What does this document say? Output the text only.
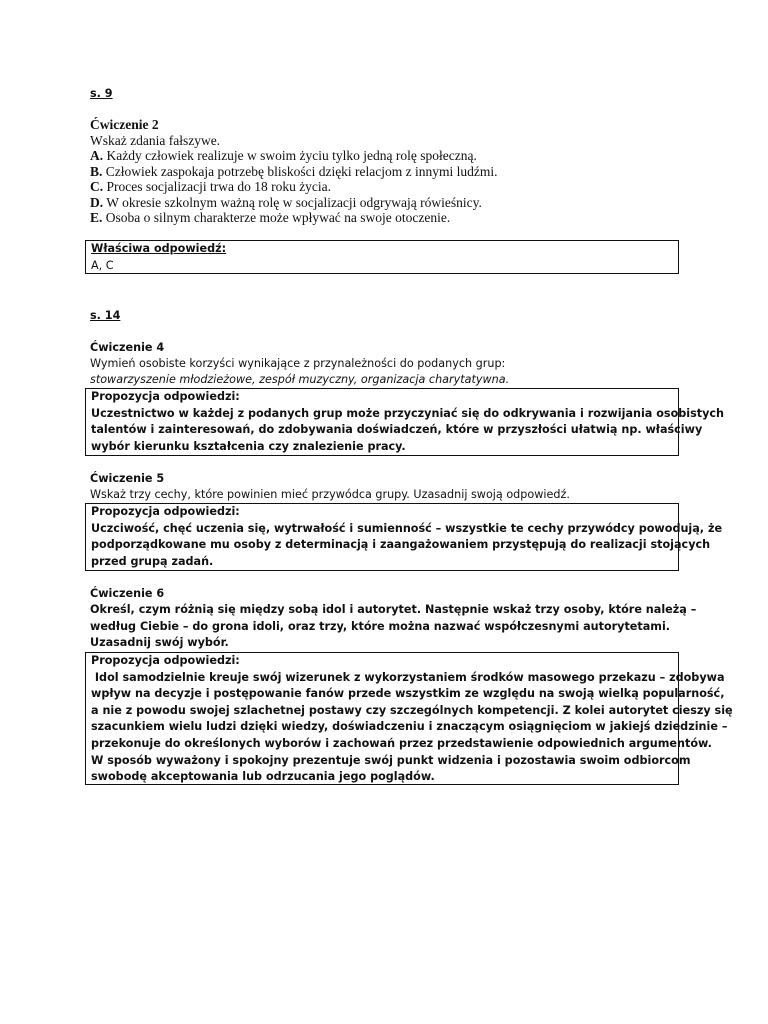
s. 9
Ćwiczenie 2
Wskaż zdania fałszywe.
A. Każdy człowiek realizuje w swoim życiu tylko jedną rolę społeczną.
B. Człowiek zaspokaja potrzebę bliskości dzięki relacjom z innymi ludźmi.
C. Proces socjalizacji trwa do 18 roku życia.
D. W okresie szkolnym ważną rolę w socjalizacji odgrywają rówieśnicy.
E. Osoba o silnym charakterze może wpływać na swoje otoczenie.
Właściwa odpowiedź:
A, C
s. 14
Ćwiczenie 4
Wymień osobiste korzyści wynikające z przynależności do podanych grup:
stowarzyszenie młodzieżowe, zespół muzyczny, organizacja charytatywna.
Propozycja odpowiedzi:
Uczestnictwo w każdej z podanych grup może przyczyniać się do odkrywania i rozwijania osobistych
talentów i zainteresowań, do zdobywania doświadczeń, które w przyszłości ułatwią np. właściwy
wybór kierunku kształcenia czy znalezienie pracy.
Ćwiczenie 5
Wskaż trzy cechy, które powinien mieć przywódca grupy. Uzasadnij swoją odpowiedź.
Propozycja odpowiedzi:
Uczciwość, chęć uczenia się, wytrwałość i sumienność – wszystkie te cechy przywódcy powodują, że
podporządkowane mu osoby z determinacją i zaangażowaniem przystępują do realizacji stojących
przed grupą zadań.
Ćwiczenie 6
Określ, czym różnią się między sobą idol i autorytet. Następnie wskaż trzy osoby, które należą –
według Ciebie – do grona idoli, oraz trzy, które można nazwać współczesnymi autorytetami.
Uzasadnij swój wybór.
Propozycja odpowiedzi:
Idol samodzielnie kreuje swój wizerunek z wykorzystaniem środków masowego przekazu – zdobywa
wpływ na decyzje i postępowanie fanów przede wszystkim ze względu na swoją wielką popularność,
a nie z powodu swojej szlachetnej postawy czy szczególnych kompetencji. Z kolei autorytet cieszy się
szacunkiem wielu ludzi dzięki wiedzy, doświadczeniu i znaczącym osiągnięciom w jakiejś dziedzinie –
przekonuje do określonych wyborów i zachowań przez przedstawienie odpowiednich argumentów.
W sposób wyważony i spokojny prezentuje swój punkt widzenia i pozostawia swoim odbiorcom
swobodę akceptowania lub odrzucania jego poglądów.
